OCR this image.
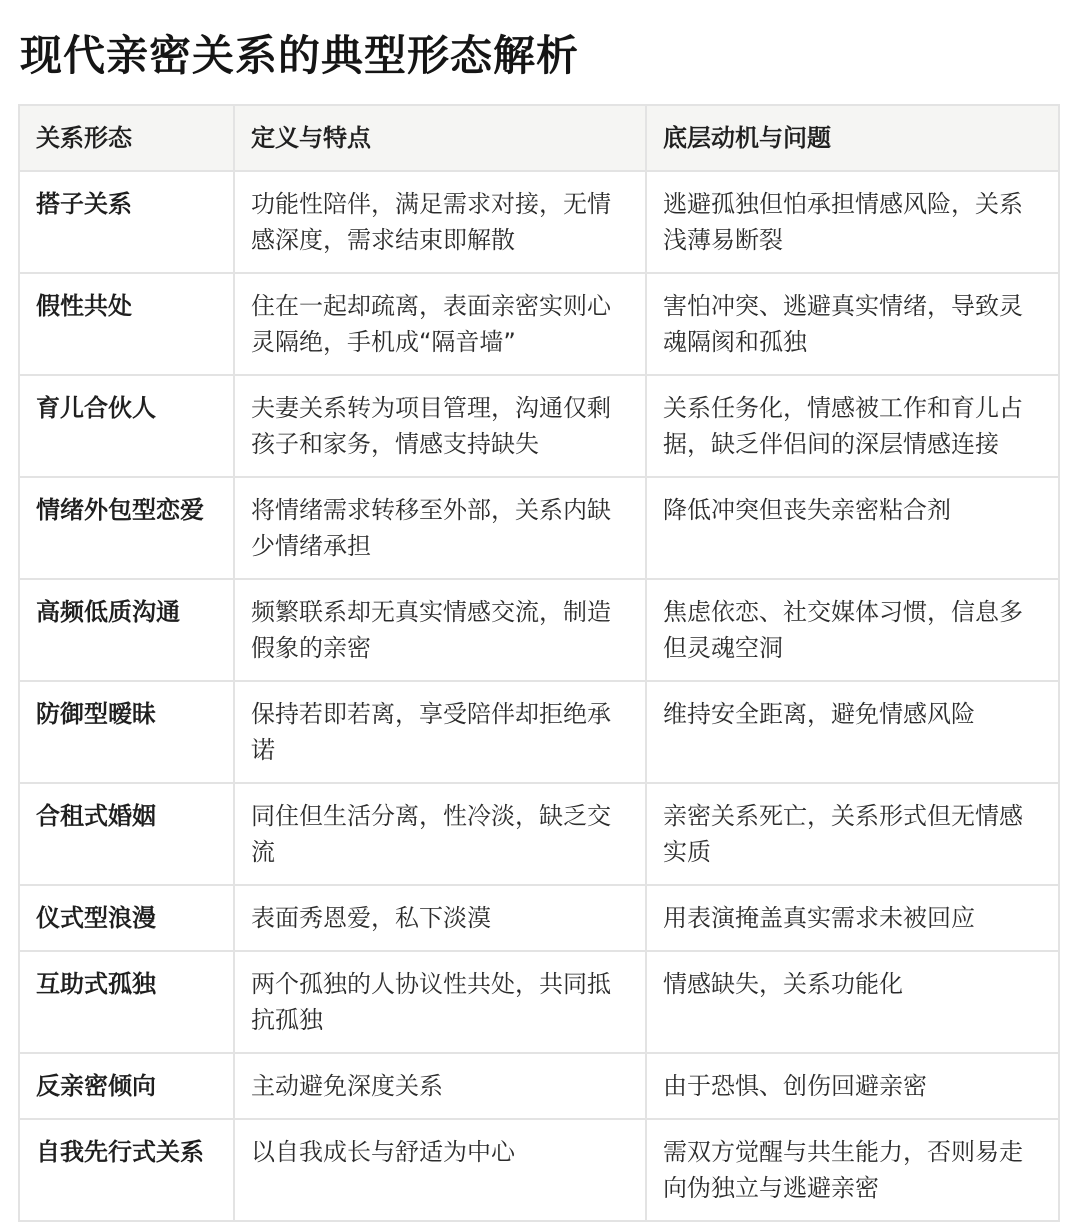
现代亲密关系的典型形态解析
关系形态	定义与特点	底层动机与问题
搭子关系	功能性陪伴，满足需求对接，无情感深度，需求结束即解散	逃避孤独但怕承担情感风险，关系浅薄易断裂
假性共处	住在一起却疏离，表面亲密实则心灵隔绝，手机成“隔音墙”	害怕冲突、逃避真实情绪，导致灵魂隔阂和孤独
育儿合伙人	夫妻关系转为项目管理，沟通仅剩孩子和家务，情感支持缺失	关系任务化，情感被工作和育儿占据，缺乏伴侣间的深层情感连接
情绪外包型恋爱	将情绪需求转移至外部，关系内缺少情绪承担	降低冲突但丧失亲密粘合剂
高频低质沟通	频繁联系却无真实情感交流，制造假象的亲密	焦虑依恋、社交媒体习惯，信息多但灵魂空洞
防御型暧昧	保持若即若离，享受陪伴却拒绝承诺	维持安全距离，避免情感风险
合租式婚姻	同住但生活分离，性冷淡，缺乏交流	亲密关系死亡，关系形式但无情感实质
仪式型浪漫	表面秀恩爱，私下淡漠	用表演掩盖真实需求未被回应
互助式孤独	两个孤独的人协议性共处，共同抵抗孤独	情感缺失，关系功能化
反亲密倾向	主动避免深度关系	由于恐惧、创伤回避亲密
自我先行式关系	以自我成长与舒适为中心	需双方觉醒与共生能力，否则易走向伪独立与逃避亲密
